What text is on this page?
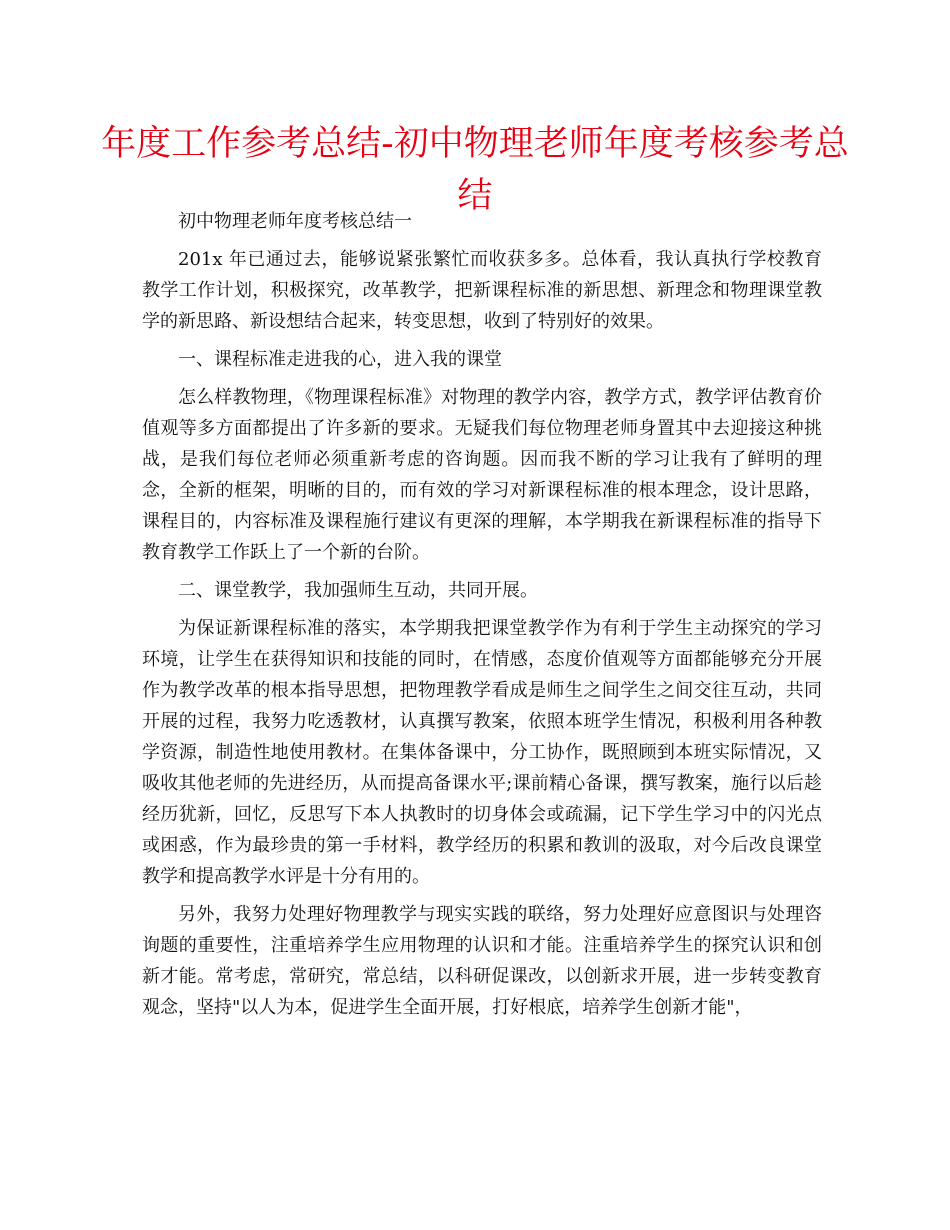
年度工作参考总结-初中物理老师年度考核参考总结

初中物理老师年度考核总结一

201x 年已通过去，能够说紧张繁忙而收获多多。总体看，我认真执行学校教育教学工作计划，积极探究，改革教学，把新课程标准的新思想、新理念和物理课堂教学的新思路、新设想结合起来，转变思想，收到了特别好的效果。

一、课程标准走进我的心，进入我的课堂

怎么样教物理，《物理课程标准》对物理的教学内容，教学方式，教学评估教育价值观等多方面都提出了许多新的要求。无疑我们每位物理老师身置其中去迎接这种挑战，是我们每位老师必须重新考虑的咨询题。因而我不断的学习让我有了鲜明的理念，全新的框架，明晰的目的，而有效的学习对新课程标准的根本理念，设计思路，课程目的，内容标准及课程施行建议有更深的理解，本学期我在新课程标准的指导下教育教学工作跃上了一个新的台阶。

二、课堂教学，我加强师生互动，共同开展。

为保证新课程标准的落实，本学期我把课堂教学作为有利于学生主动探究的学习环境，让学生在获得知识和技能的同时，在情感，态度价值观等方面都能够充分开展作为教学改革的根本指导思想，把物理教学看成是师生之间学生之间交往互动，共同开展的过程，我努力吃透教材，认真撰写教案，依照本班学生情况，积极利用各种教学资源，制造性地使用教材。在集体备课中，分工协作，既照顾到本班实际情况，又吸收其他老师的先进经历，从而提高备课水平;课前精心备课，撰写教案，施行以后趁经历犹新，回忆，反思写下本人执教时的切身体会或疏漏，记下学生学习中的闪光点或困惑，作为最珍贵的第一手材料，教学经历的积累和教训的汲取，对今后改良课堂教学和提高教学水评是十分有用的。

另外，我努力处理好物理教学与现实实践的联络，努力处理好应意图识与处理咨询题的重要性，注重培养学生应用物理的认识和才能。注重培养学生的探究认识和创新才能。常考虑，常研究，常总结，以科研促课改，以创新求开展，进一步转变教育观念，坚持"以人为本，促进学生全面开展，打好根底，培养学生创新才能"，
